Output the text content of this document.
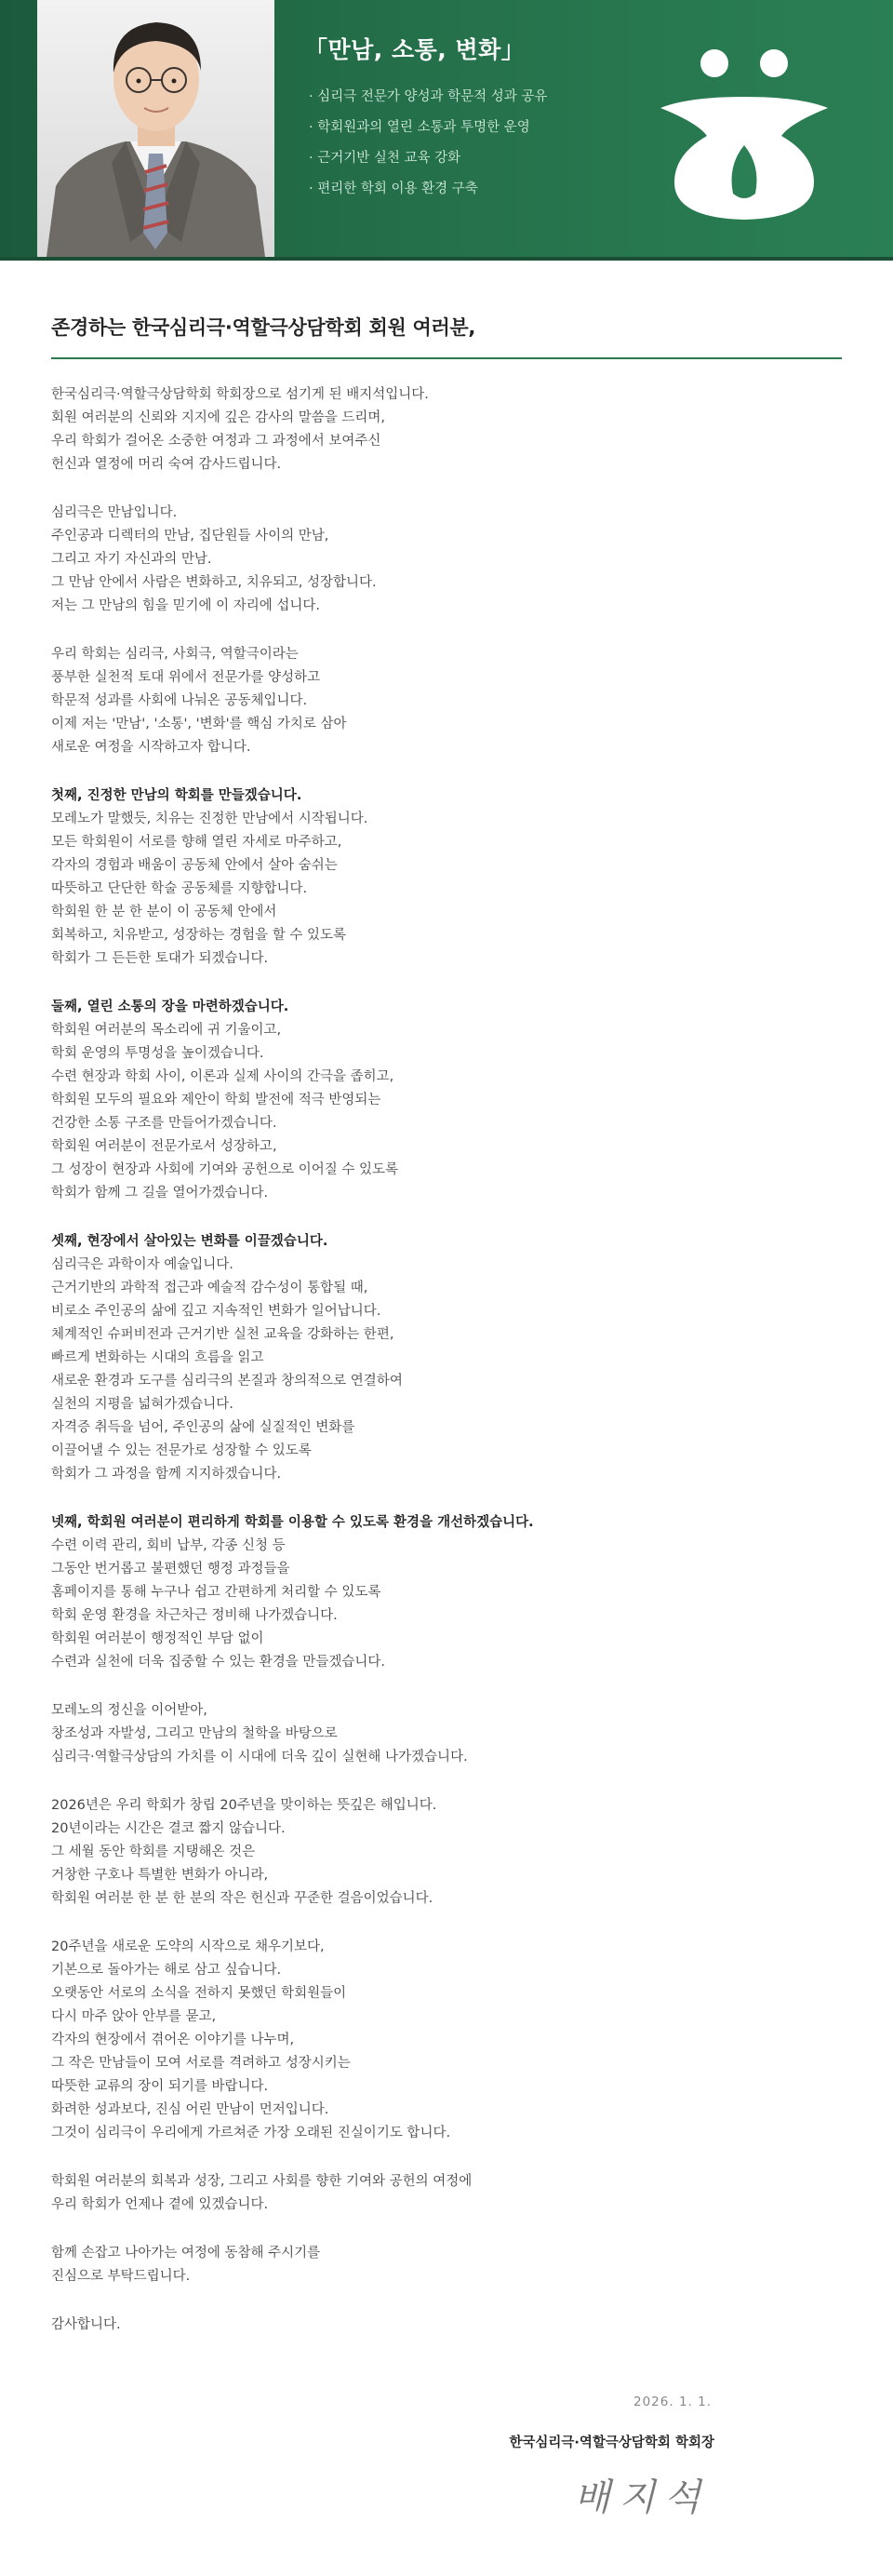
「만남, 소통, 변화」
· 심리극 전문가 양성과 학문적 성과 공유
· 학회원과의 열린 소통과 투명한 운영
· 근거기반 실천 교육 강화
· 편리한 학회 이용 환경 구축
존경하는 한국심리극·역할극상담학회 회원 여러분,
한국심리극·역할극상담학회 학회장으로 섬기게 된 배지석입니다.
회원 여러분의 신뢰와 지지에 깊은 감사의 말씀을 드리며,
우리 학회가 걸어온 소중한 여정과 그 과정에서 보여주신
헌신과 열정에 머리 숙여 감사드립니다.
심리극은 만남입니다.
주인공과 디렉터의 만남, 집단원들 사이의 만남,
그리고 자기 자신과의 만남.
그 만남 안에서 사람은 변화하고, 치유되고, 성장합니다.
저는 그 만남의 힘을 믿기에 이 자리에 섭니다.
우리 학회는 심리극, 사회극, 역할극이라는
풍부한 실천적 토대 위에서 전문가를 양성하고
학문적 성과를 사회에 나눠온 공동체입니다.
이제 저는 '만남', '소통', '변화'를 핵심 가치로 삼아
새로운 여정을 시작하고자 합니다.
첫째, 진정한 만남의 학회를 만들겠습니다.
모레노가 말했듯, 치유는 진정한 만남에서 시작됩니다.
모든 학회원이 서로를 향해 열린 자세로 마주하고,
각자의 경험과 배움이 공동체 안에서 살아 숨쉬는
따뜻하고 단단한 학술 공동체를 지향합니다.
학회원 한 분 한 분이 이 공동체 안에서
회복하고, 치유받고, 성장하는 경험을 할 수 있도록
학회가 그 든든한 토대가 되겠습니다.
둘째, 열린 소통의 장을 마련하겠습니다.
학회원 여러분의 목소리에 귀 기울이고,
학회 운영의 투명성을 높이겠습니다.
수련 현장과 학회 사이, 이론과 실제 사이의 간극을 좁히고,
학회원 모두의 필요와 제안이 학회 발전에 적극 반영되는
건강한 소통 구조를 만들어가겠습니다.
학회원 여러분이 전문가로서 성장하고,
그 성장이 현장과 사회에 기여와 공헌으로 이어질 수 있도록
학회가 함께 그 길을 열어가겠습니다.
셋째, 현장에서 살아있는 변화를 이끌겠습니다.
심리극은 과학이자 예술입니다.
근거기반의 과학적 접근과 예술적 감수성이 통합될 때,
비로소 주인공의 삶에 깊고 지속적인 변화가 일어납니다.
체계적인 슈퍼비전과 근거기반 실천 교육을 강화하는 한편,
빠르게 변화하는 시대의 흐름을 읽고
새로운 환경과 도구를 심리극의 본질과 창의적으로 연결하여
실천의 지평을 넓혀가겠습니다.
자격증 취득을 넘어, 주인공의 삶에 실질적인 변화를
이끌어낼 수 있는 전문가로 성장할 수 있도록
학회가 그 과정을 함께 지지하겠습니다.
넷째, 학회원 여러분이 편리하게 학회를 이용할 수 있도록 환경을 개선하겠습니다.
수련 이력 관리, 회비 납부, 각종 신청 등
그동안 번거롭고 불편했던 행정 과정들을
홈페이지를 통해 누구나 쉽고 간편하게 처리할 수 있도록
학회 운영 환경을 차근차근 정비해 나가겠습니다.
학회원 여러분이 행정적인 부담 없이
수련과 실천에 더욱 집중할 수 있는 환경을 만들겠습니다.
모레노의 정신을 이어받아,
창조성과 자발성, 그리고 만남의 철학을 바탕으로
심리극·역할극상담의 가치를 이 시대에 더욱 깊이 실현해 나가겠습니다.
2026년은 우리 학회가 창립 20주년을 맞이하는 뜻깊은 해입니다.
20년이라는 시간은 결코 짧지 않습니다.
그 세월 동안 학회를 지탱해온 것은
거창한 구호나 특별한 변화가 아니라,
학회원 여러분 한 분 한 분의 작은 헌신과 꾸준한 걸음이었습니다.
20주년을 새로운 도약의 시작으로 채우기보다,
기본으로 돌아가는 해로 삼고 싶습니다.
오랫동안 서로의 소식을 전하지 못했던 학회원들이
다시 마주 앉아 안부를 묻고,
각자의 현장에서 겪어온 이야기를 나누며,
그 작은 만남들이 모여 서로를 격려하고 성장시키는
따뜻한 교류의 장이 되기를 바랍니다.
화려한 성과보다, 진심 어린 만남이 먼저입니다.
그것이 심리극이 우리에게 가르쳐준 가장 오래된 진실이기도 합니다.
학회원 여러분의 회복과 성장, 그리고 사회를 향한 기여와 공헌의 여정에
우리 학회가 언제나 곁에 있겠습니다.
함께 손잡고 나아가는 여정에 동참해 주시기를
진심으로 부탁드립니다.
감사합니다.
2026. 1. 1.
한국심리극·역할극상담학회 학회장
배지석
